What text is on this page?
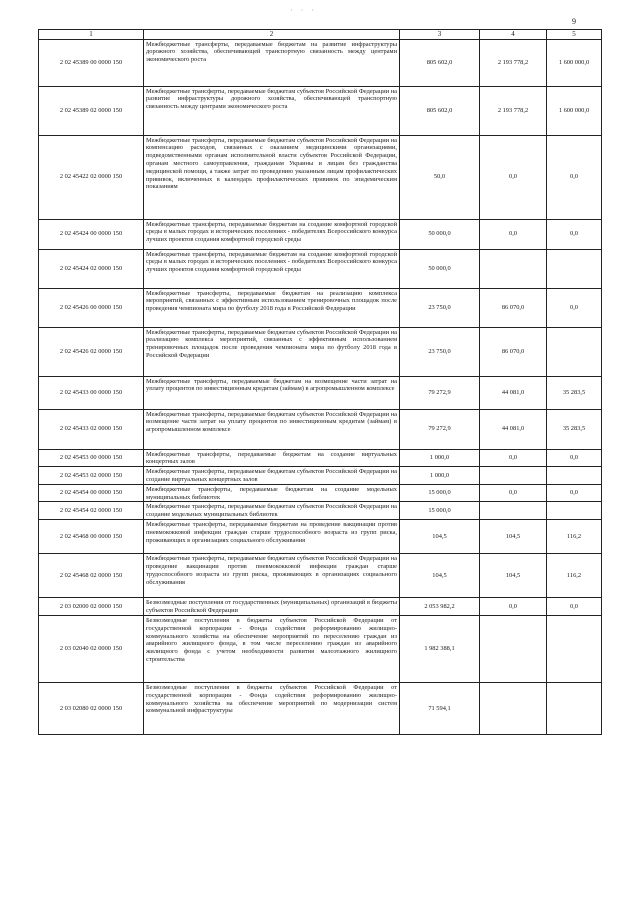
· · ·
9
1	2	3	4	5
2 02 45389 00 0000 150	Межбюджетные трансферты, передаваемые бюджетам на развитие инфраструктуры дорожного хозяйства, обеспечивающей транспортную связанность между центрами экономического роста	805 602,0	2 193 778,2	1 600 000,0
2 02 45389 02 0000 150	Межбюджетные трансферты, передаваемые бюджетам субъектов Российской Федерации на развитие инфраструктуры дорожного хозяйства, обеспечивающей транспортную связанность между центрами экономического роста	805 602,0	2 193 778,2	1 600 000,0
2 02 45422 02 0000 150	Межбюджетные трансферты, передаваемые бюджетам субъектов Российской Федерации на компенсацию расходов, связанных с оказанием медицинскими организациями, подведомственными органам исполнительной власти субъектов Российской Федерации, органам местного самоуправления, гражданам Украины и лицам без гражданства медицинской помощи, а также затрат по проведению указанным лицам профилактических прививок, включенных в календарь профилактических прививок по эпидемическим показаниям	50,0	0,0	0,0
2 02 45424 00 0000 150	Межбюджетные трансферты, передаваемые бюджетам на создание комфортной городской среды в малых городах и исторических поселениях - победителях Всероссийского конкурса лучших проектов создания комфортной городской среды	50 000,0	0,0	0,0
2 02 45424 02 0000 150	Межбюджетные трансферты, передаваемые бюджетам на создание комфортной городской среды в малых городах и исторических поселениях - победителях Всероссийского конкурса лучших проектов создания комфортной городской среды	50 000,0		
2 02 45426 00 0000 150	Межбюджетные трансферты, передаваемые бюджетам на реализацию комплекса мероприятий, связанных с эффективным использованием тренировочных площадок после проведения чемпионата мира по футболу 2018 года в Российской Федерации	23 750,0	86 070,0	0,0
2 02 45426 02 0000 150	Межбюджетные трансферты, передаваемые бюджетам субъектов Российской Федерации на реализацию комплекса мероприятий, связанных с эффективным использованием тренировочных площадок после проведения чемпионата мира по футболу 2018 года в Российской Федерации	23 750,0	86 070,0	
2 02 45433 00 0000 150	Межбюджетные трансферты, передаваемые бюджетам на возмещение части затрат на уплату процентов по инвестиционным кредитам (займам) в агропромышленном комплексе	79 272,9	44 081,0	35 283,5
2 02 45433 02 0000 150	Межбюджетные трансферты, передаваемые бюджетам субъектов Российской Федерации на возмещение части затрат на уплату процентов по инвестиционным кредитам (займам) в агропромышленном комплексе	79 272,9	44 081,0	35 283,5
2 02 45453 00 0000 150	Межбюджетные трансферты, передаваемые бюджетам на создание виртуальных концертных залов	1 000,0	0,0	0,0
2 02 45453 02 0000 150	Межбюджетные трансферты, передаваемые бюджетам субъектов Российской Федерации на создание виртуальных концертных залов	1 000,0		
2 02 45454 00 0000 150	Межбюджетные трансферты, передаваемые бюджетам на создание модельных муниципальных библиотек	15 000,0	0,0	0,0
2 02 45454 02 0000 150	Межбюджетные трансферты, передаваемые бюджетам субъектов Российской Федерации на создание модельных муниципальных библиотек	15 000,0		
2 02 45468 00 0000 150	Межбюджетные трансферты, передаваемые бюджетам на проведение вакцинации против пневмококковой инфекции граждан старше трудоспособного возраста из групп риска, проживающих в организациях социального обслуживания	104,5	104,5	116,2
2 02 45468 02 0000 150	Межбюджетные трансферты, передаваемые бюджетам субъектов Российской Федерации на проведение вакцинации против пневмококковой инфекции граждан старше трудоспособного возраста из групп риска, проживающих в организациях социального обслуживания	104,5	104,5	116,2
2 03 02000 02 0000 150	Безвозмездные поступления от государственных (муниципальных) организаций в бюджеты субъектов Российской Федерации	2 053 982,2	0,0	0,0
2 03 02040 02 0000 150	Безвозмездные поступления в бюджеты субъектов Российской Федерации от государственной корпорации - Фонда содействия реформированию жилищно-коммунального хозяйства на обеспечение мероприятий по переселению граждан из аварийного жилищного фонда, в том числе переселению граждан из аварийного жилищного фонда с учетом необходимости развития малоэтажного жилищного строительства	1 982 388,1		
2 03 02080 02 0000 150	Безвозмездные поступления в бюджеты субъектов Российской Федерации от государственной корпорации - Фонда содействия реформированию жилищно-коммунального хозяйства на обеспечение мероприятий по модернизации систем коммунальной инфраструктуры	71 594,1		
